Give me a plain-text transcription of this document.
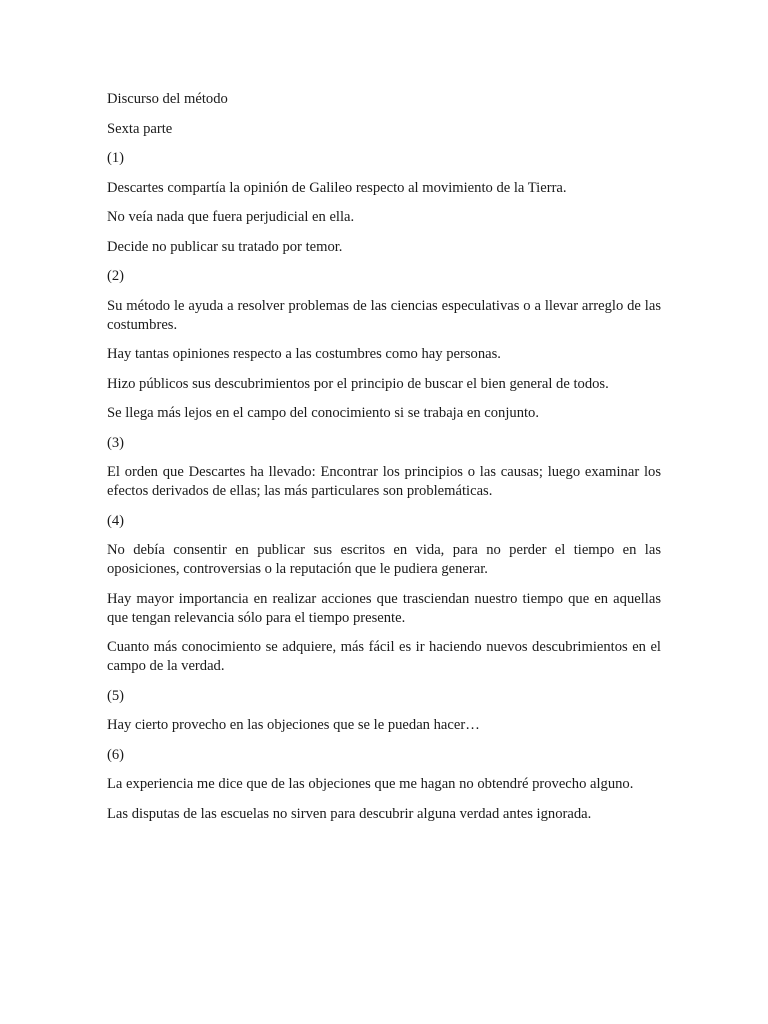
Discurso del método

Sexta parte

(1)

Descartes compartía la opinión de Galileo respecto al movimiento de la Tierra.

No veía nada que fuera perjudicial en ella.

Decide no publicar su tratado por temor.

(2)

Su método le ayuda a resolver problemas de las ciencias especulativas o a llevar arreglo de las costumbres.

Hay tantas opiniones respecto a las costumbres como hay personas.

Hizo públicos sus descubrimientos por el principio de buscar el bien general de todos.

Se llega más lejos en el campo del conocimiento si se trabaja en conjunto.

(3)

El orden que Descartes ha llevado: Encontrar los principios o las causas; luego examinar los efectos derivados de ellas; las más particulares son problemáticas.

(4)

No debía consentir en publicar sus escritos en vida, para no perder el tiempo en las oposiciones, controversias o la reputación que le pudiera generar.

Hay mayor importancia en realizar acciones que trasciendan nuestro tiempo que en aquellas que tengan relevancia sólo para el tiempo presente.

Cuanto más conocimiento se adquiere, más fácil es ir haciendo nuevos descubrimientos en el campo de la verdad.

(5)

Hay cierto provecho en las objeciones que se le puedan hacer…

(6)

La experiencia me dice que de las objeciones que me hagan no obtendré provecho alguno.

Las disputas de las escuelas no sirven para descubrir alguna verdad antes ignorada.
